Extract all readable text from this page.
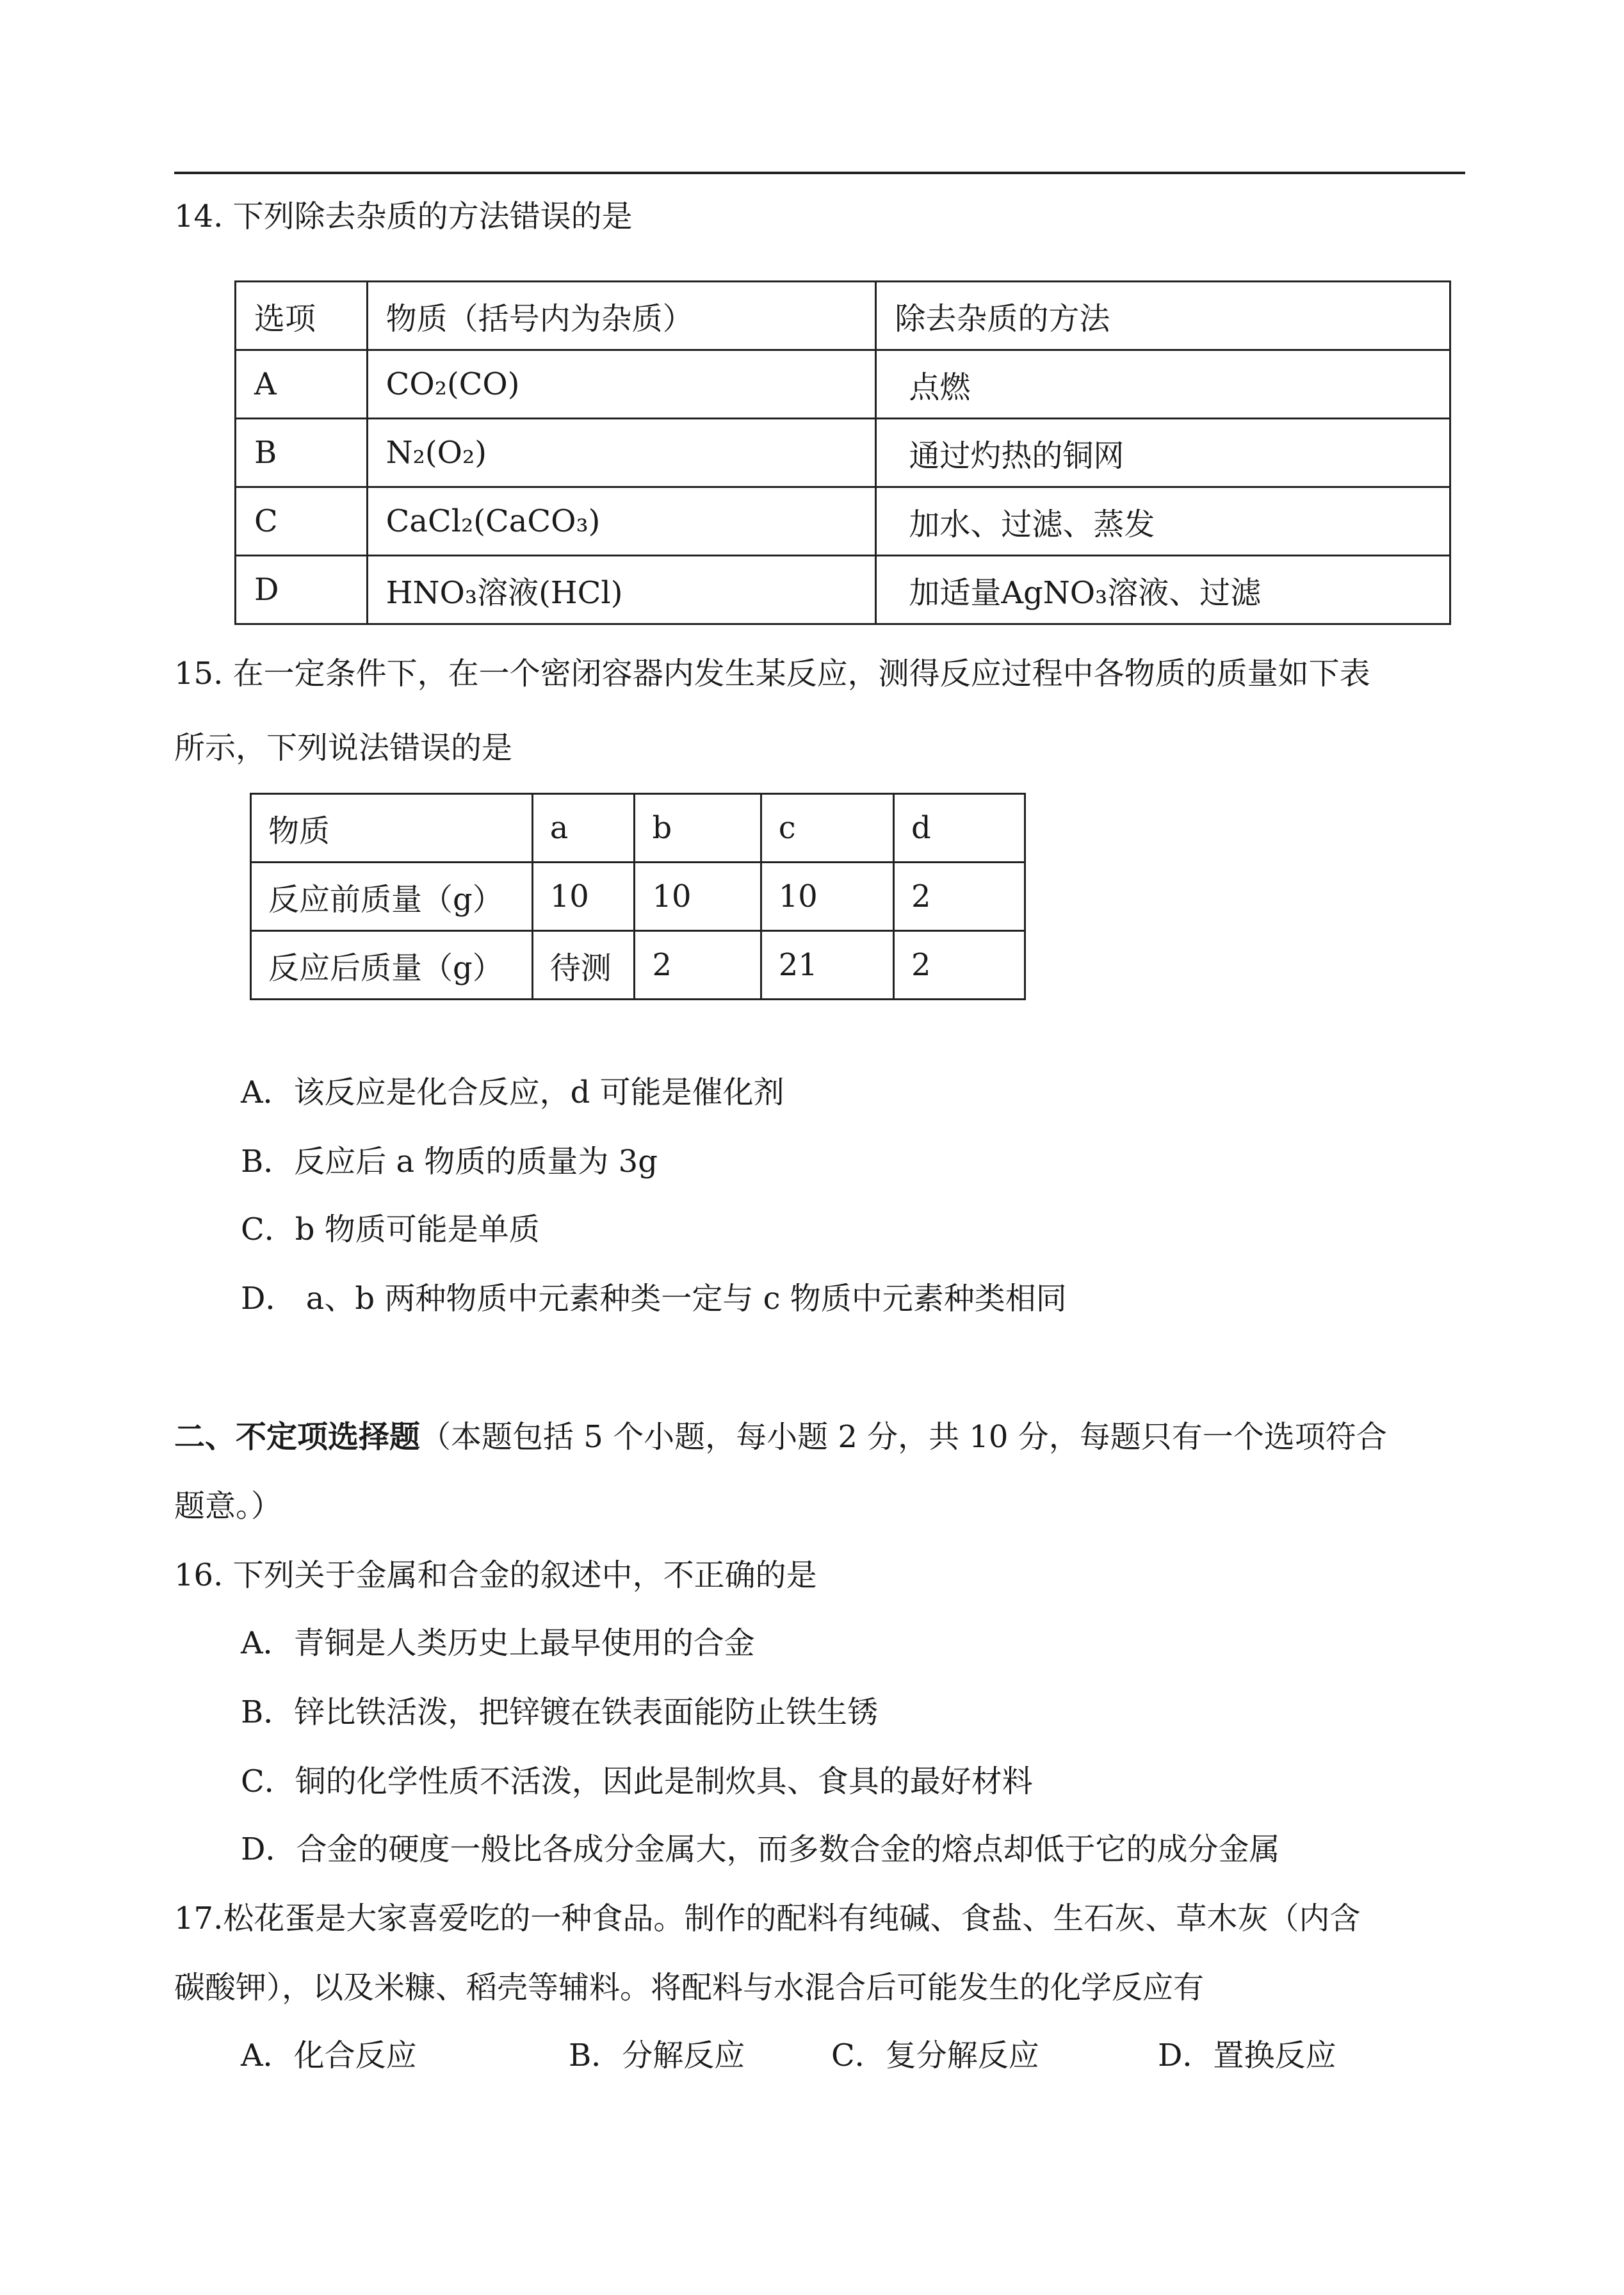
14. 下列除去杂质的方法错误的是
选项	物质（括号内为杂质）	除去杂质的方法
A	CO₂(CO)	点燃
B	N₂(O₂)	通过灼热的铜网
C	CaCl₂(CaCO₃)	加水、过滤、蒸发
D	HNO₃溶液(HCl)	加适量AgNO₃溶液、过滤
15. 在一定条件下，在一个密闭容器内发生某反应，测得反应过程中各物质的质量如下表
所示，下列说法错误的是
物质	a	b	c	d
反应前质量（g）	10	10	10	2
反应后质量（g）	待测	2	21	2
A．该反应是化合反应，d 可能是催化剂
B．反应后 a 物质的质量为 3g
C．b 物质可能是单质
D． a、b 两种物质中元素种类一定与 c 物质中元素种类相同
二、不定项选择题（本题包括 5 个小题，每小题 2 分，共 10 分，每题只有一个选项符合
题意。）
16. 下列关于金属和合金的叙述中，不正确的是
A．青铜是人类历史上最早使用的合金
B．锌比铁活泼，把锌镀在铁表面能防止铁生锈
C．铜的化学性质不活泼，因此是制炊具、食具的最好材料
D．合金的硬度一般比各成分金属大，而多数合金的熔点却低于它的成分金属
17.松花蛋是大家喜爱吃的一种食品。制作的配料有纯碱、食盐、生石灰、草木灰（内含
碳酸钾），以及米糠、稻壳等辅料。将配料与水混合后可能发生的化学反应有
A．化合反应	B．分解反应	C．复分解反应	D．置换反应
